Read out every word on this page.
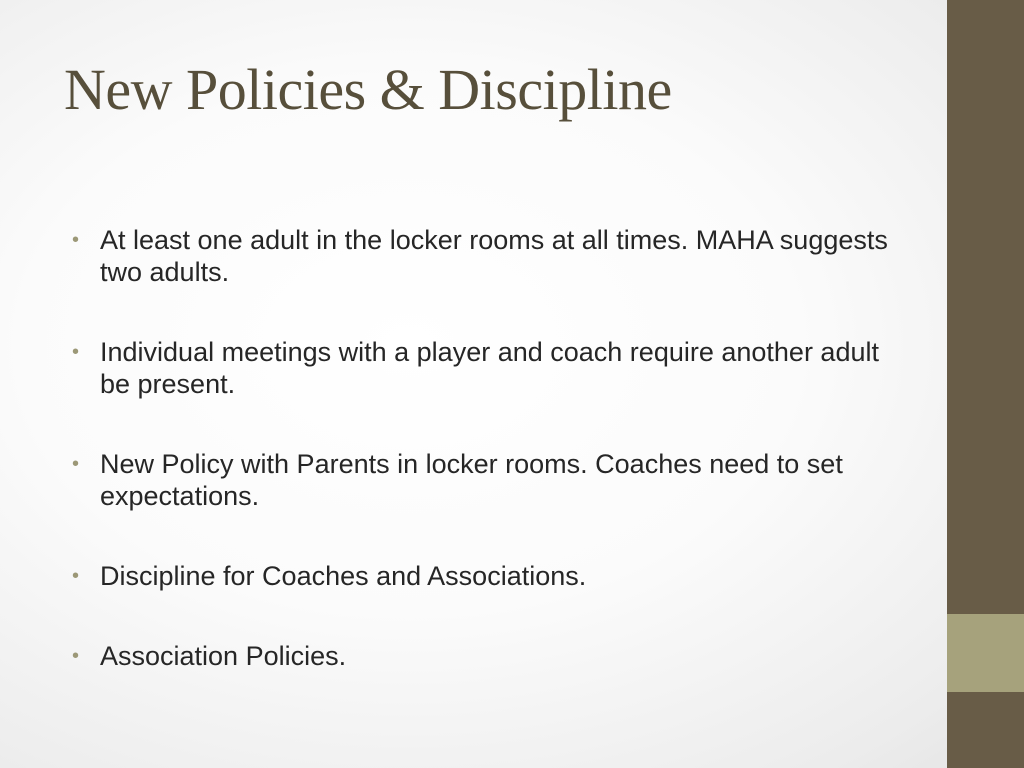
New Policies & Discipline
• At least one adult in the locker rooms at all times. MAHA suggests two adults.
• Individual meetings with a player and coach require another adult be present.
• New Policy with Parents in locker rooms. Coaches need to set expectations.
• Discipline for Coaches and Associations.
• Association Policies.
